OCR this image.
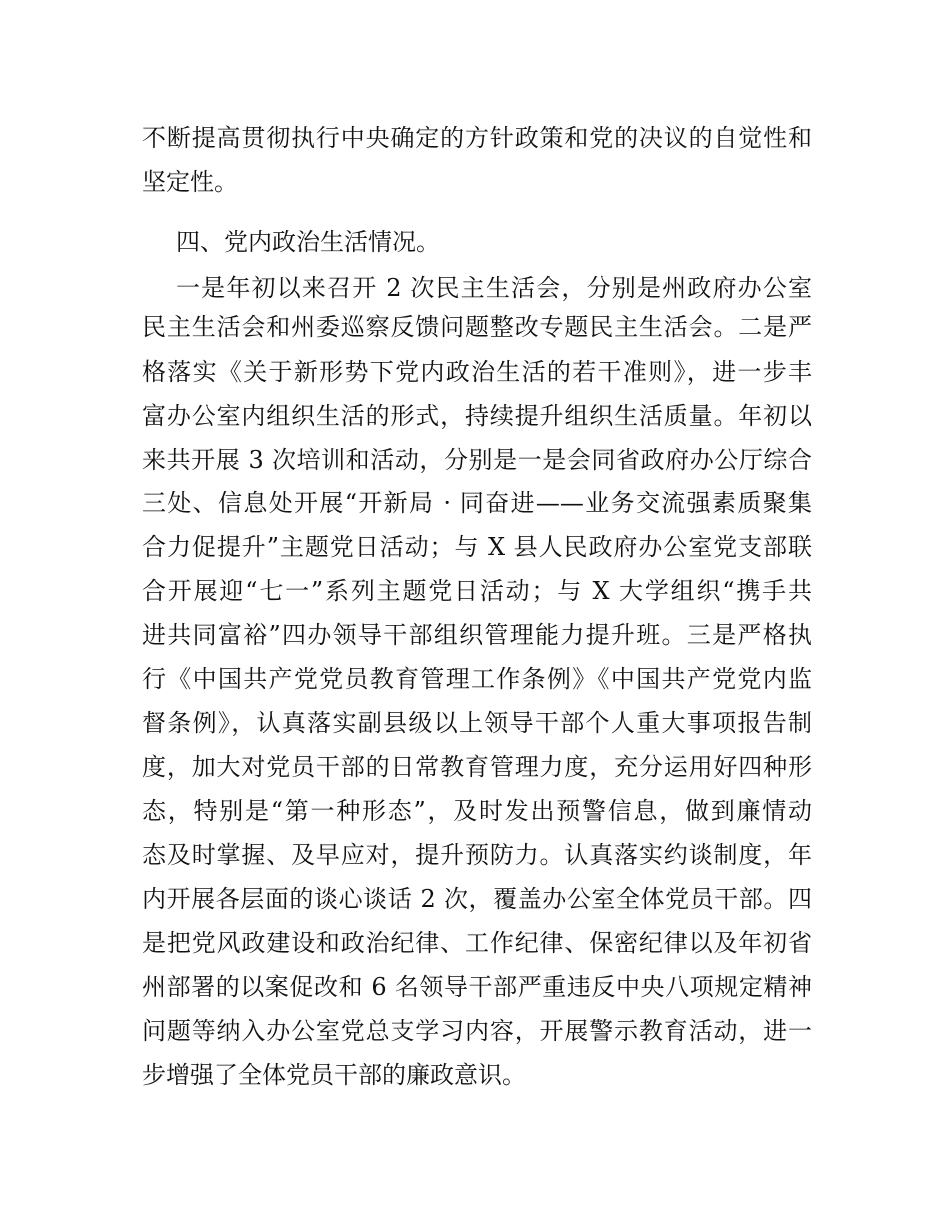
不断提高贯彻执行中央确定的方针政策和党的决议的自觉性和

坚定性。

四、党内政治生活情况。

一是年初以来召开 2 次民主生活会，分别是州政府办公室

民主生活会和州委巡察反馈问题整改专题民主生活会。二是严

格落实《关于新形势下党内政治生活的若干准则》，进一步丰

富办公室内组织生活的形式，持续提升组织生活质量。年初以

来共开展 3 次培训和活动，分别是一是会同省政府办公厅综合

三处、信息处开展“开新局 · 同奋进——业务交流强素质聚集

合力促提升”主题党日活动；与 X 县人民政府办公室党支部联

合开展迎“七一”系列主题党日活动；与 X 大学组织“携手共

进共同富裕”四办领导干部组织管理能力提升班。三是严格执

行《中国共产党党员教育管理工作条例》《中国共产党党内监

督条例》，认真落实副县级以上领导干部个人重大事项报告制

度，加大对党员干部的日常教育管理力度，充分运用好四种形

态，特别是“第一种形态”，及时发出预警信息，做到廉情动

态及时掌握、及早应对，提升预防力。认真落实约谈制度，年

内开展各层面的谈心谈话 2 次，覆盖办公室全体党员干部。四

是把党风政建设和政治纪律、工作纪律、保密纪律以及年初省

州部署的以案促改和 6 名领导干部严重违反中央八项规定精神

问题等纳入办公室党总支学习内容，开展警示教育活动，进一

步增强了全体党员干部的廉政意识。
